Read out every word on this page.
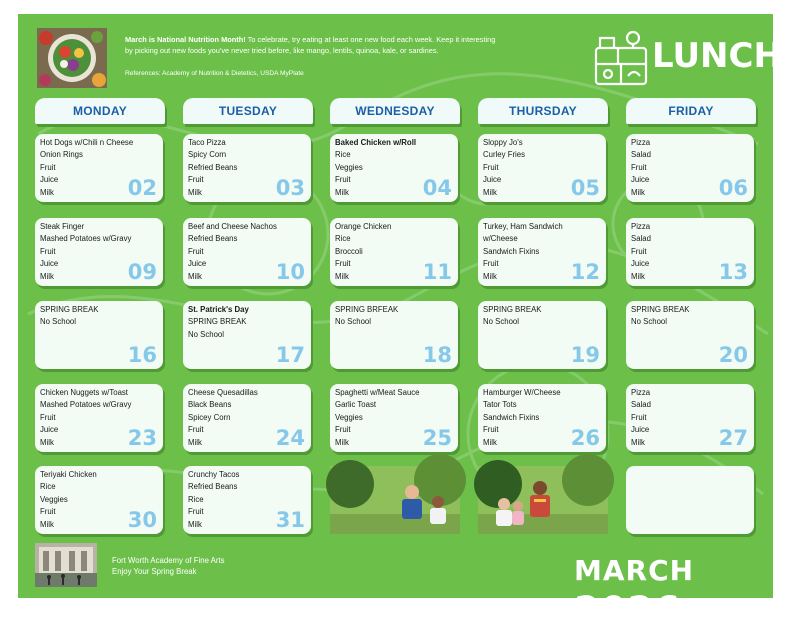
March is National Nutrition Month! To celebrate, try eating at least one new food each week. Keep it interesting by picking out new foods you've never tried before, like mango, lentils, quinoa, kale, or sardines.
References: Academy of Nutrition & Dietetics, USDA MyPlate	LUNCH
Fort Worth Academy of Fine Arts
Enjoy Your Spring Break	MARCH 2026
MONDAY	TUESDAY	WEDNESDAY	THURSDAY	FRIDAY
Hot Dogs w/Chili n Cheese
Onion Rings
Fruit
Juice
Milk	02
Taco Pizza
Spicy Corn
Refried Beans
Fruit
Milk	03
Baked Chicken w/Roll
Rice
Veggies
Fruit
Milk	04
Sloppy Jo's
Curley Fries
Fruit
Juice
Milk	05
Pizza
Salad
Fruit
Juice
Milk	06
Steak Finger
Mashed Potatoes w/Gravy
Fruit
Juice
Milk	09
Beef and Cheese Nachos
Refried Beans
Fruit
Juice
Milk	10
Orange Chicken
Rice
Broccoli
Fruit
Milk	11
Turkey, Ham Sandwich
w/Cheese
Sandwich Fixins
Fruit
Milk	12
Pizza
Salad
Fruit
Juice
Milk	13
SPRING BREAK
No School
16
St. Patrick's Day
SPRING BREAK
No School
17
SPRING BRFEAK
No School
18
SPRING BREAK
No School
19
SPRING BREAK
No School
20
Chicken Nuggets w/Toast
Mashed Potatoes w/Gravy
Fruit
Juice
Milk	23
Cheese Quesadillas
Black Beans
Spicey Corn
Fruit
Milk	24
Spaghetti w/Meat Sauce
Garlic Toast
Veggies
Fruit
Milk	25
Hamburger W/Cheese
Tator Tots
Sandwich Fixins
Fruit
Milk	26
Pizza
Salad
Fruit
Juice
Milk	27
Teriyaki Chicken
Rice
Veggies
Fruit
Milk	30
Crunchy Tacos
Refried Beans
Rice
Fruit
Milk	31
